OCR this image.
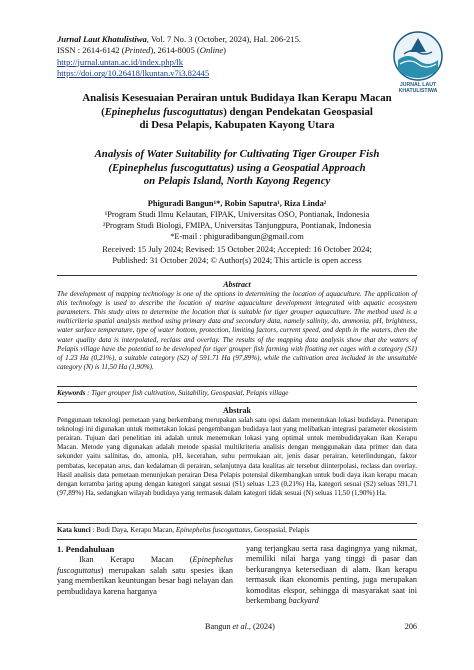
Jurnal Laut Khatulistiwa, Vol. 7 No. 3 (October, 2024), Hal. 206-215.
ISSN : 2614-6142 (Printed), 2614-8005 (Online)
http://jurnal.untan.ac.id/index.php/lk
https://doi.org/10.26418/lkuntan.v7i3.82445
JURNAL LAUT
KHATULISTIWA
Analisis Kesesuaian Perairan untuk Budidaya Ikan Kerapu Macan
(Epinephelus fuscoguttatus) dengan Pendekatan Geospasial
di Desa Pelapis, Kabupaten Kayong Utara
Analysis of Water Suitability for Cultivating Tiger Grouper Fish
(Epinephelus fuscoguttatus) using a Geospatial Approach
on Pelapis Island, North Kayong Regency
Phiguradi Bangun¹*, Robin Saputra¹, Riza Linda²
¹Program Studi Ilmu Kelautan, FIPAK, Universitas OSO, Pontianak, Indonesia
²Program Studi Biologi, FMIPA, Universitas Tanjungpura, Pontianak, Indonesia
*E-mail : phiguradibangun@gmail.com
Received: 15 July 2024; Revised: 15 October 2024; Accepted: 16 October 2024;
Published: 31 October 2024; © Author(s) 2024; This article is open access
Abstract
The development of mapping technology is one of the options in determining the location of aquaculture. The application of this technology is used to describe the location of marine aquaculture development integrated with aquatic ecosystem parameters. This study aims to determine the location that is suitable for tiger grouper aquaculture. The method used is a multicriteria spatial analysis method using primary data and secondary data, namely salinity, do, ammonia, pH, brightness, water surface temperature, type of water bottom, protection, limiting factors, current speed, and depth in the waters, then the water quality data is interpolated, reclass and overlay. The results of the mapping data analysis show that the waters of Pelapis village have the potential to be developed for tiger grouper fish farming with floating net cages with a category (S1) of 1.23 Ha (0,21%), a suitable category (S2) of 591.71 Ha (97,89%), while the cultivation area included in the unsuitable category (N) is 11,50 Ha (1,90%).
Keywords : Tiger grouper fish cultivation, Suitability, Geospasial, Pelapis village
Abstrak
Penggunaan teknologi pemetaan yang berkembang merupakan salah satu opsi dalam menentukan lokasi budidaya. Penerapan teknologi ini digunakan untuk memetakan lokasi pengembangan budidaya laut yang melibatkan integrasi parameter ekosistem perairan. Tujuan dari penelitian ini adalah untuk menemukan lokasi yang optimal untuk membudidayakan ikan Kerapu Macan. Metode yang digunakan adalah metode spasial multikriteria analisis dengan menggunakan data primer dan data sekunder yaitu salinitas, do, amonia, pH, kecerahan, suhu permukaan air, jenis dasar perairan, keterlindungan, faktor pembatas, kecepatan arus, dan kedalaman di perairan, selanjutnya data kualitas air tersebut diinterpolasi, reclass dan overlay. Hasil analisis data pemetaan menunjukan perairan Desa Pelapis potensial dikembangkan untuk budi daya ikan kerapu macan dengan keramba jaring apung dengan kategori sangat sesuai (S1) seluas 1,23 (0,21%) Ha, kategori sesuai (S2) seluas 591,71 (97,89%) Ha, sedangkan wilayah budidaya yang termasuk dalam kategori tidak sesuai (N) seluas 11,50 (1,90%) Ha.
Kata kunci : Budi Daya, Kerapu Macan, Epinephelus fuscoguttatus, Geospasial, Pelapis
1. Pendahuluan
Ikan Kerapu Macan (Epinephelus fuscoguttatus) merupakan salah satu spesies ikan yang memberikan keuntungan besar bagi nelayan dan pembudidaya karena harganya
yang terjangkau serta rasa dagingnya yang nikmat, memiliki nilai harga yang tinggi di pasar dan berkurangnya ketersediaan di alam. Ikan kerapu termasuk ikan ekonomis penting, juga merupakan komoditas ekspor, sehingga di masyarakat saat ini berkembang backyard
Bangun et al., (2024)	206
